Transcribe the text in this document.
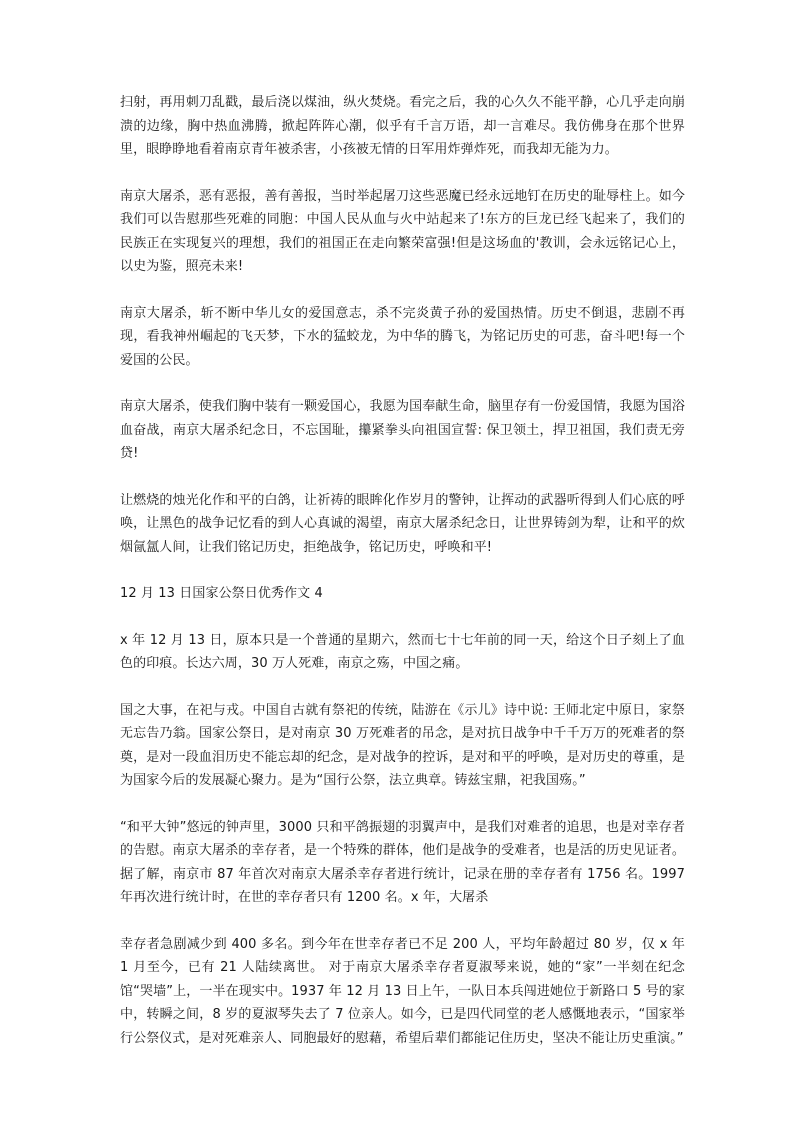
扫射，再用刺刀乱戳，最后浇以煤油，纵火焚烧。看完之后，我的心久久不能平静，心几乎走向崩溃的边缘，胸中热血沸腾，掀起阵阵心潮，似乎有千言万语，却一言难尽。我仿佛身在那个世界里，眼睁睁地看着南京青年被杀害，小孩被无情的日军用炸弹炸死，而我却无能为力。

南京大屠杀，恶有恶报，善有善报，当时举起屠刀这些恶魔已经永远地钉在历史的耻辱柱上。如今我们可以告慰那些死难的同胞：中国人民从血与火中站起来了!东方的巨龙已经飞起来了，我们的民族正在实现复兴的理想，我们的祖国正在走向繁荣富强!但是这场血的'教训，会永远铭记心上，以史为鉴，照亮未来!

南京大屠杀，斩不断中华儿女的爱国意志，杀不完炎黄子孙的爱国热情。历史不倒退，悲剧不再现，看我神州崛起的飞天梦，下水的猛蛟龙，为中华的腾飞，为铭记历史的可悲，奋斗吧!每一个爱国的公民。

南京大屠杀，使我们胸中装有一颗爱国心，我愿为国奉献生命，脑里存有一份爱国情，我愿为国浴血奋战，南京大屠杀纪念日，不忘国耻，攥紧拳头向祖国宣誓: 保卫领土，捍卫祖国，我们责无旁贷!

让燃烧的烛光化作和平的白鸽，让祈祷的眼眸化作岁月的警钟，让挥动的武器听得到人们心底的呼唤，让黑色的战争记忆看的到人心真诚的渴望，南京大屠杀纪念日，让世界铸剑为犁，让和平的炊烟氤氲人间，让我们铭记历史，拒绝战争，铭记历史，呼唤和平!

12 月 13 日国家公祭日优秀作文 4

x 年 12 月 13 日，原本只是一个普通的星期六，然而七十七年前的同一天，给这个日子刻上了血色的印痕。长达六周，30 万人死难，南京之殇，中国之痛。

国之大事，在祀与戎。中国自古就有祭祀的传统，陆游在《示儿》诗中说: 王师北定中原日，家祭无忘告乃翁。国家公祭日，是对南京 30 万死难者的吊念，是对抗日战争中千千万万的死难者的祭奠，是对一段血泪历史不能忘却的纪念，是对战争的控诉，是对和平的呼唤，是对历史的尊重，是为国家今后的发展凝心聚力。是为“国行公祭，法立典章。铸兹宝鼎，祀我国殇。”

“和平大钟”悠远的钟声里，3000 只和平鸽振翅的羽翼声中，是我们对难者的追思，也是对幸存者的告慰。南京大屠杀的幸存者，是一个特殊的群体，他们是战争的受难者，也是活的历史见证者。据了解，南京市 87 年首次对南京大屠杀幸存者进行统计，记录在册的幸存者有 1756 名。1997 年再次进行统计时，在世的幸存者只有 1200 名。x 年，大屠杀

幸存者急剧减少到 400 多名。到今年在世幸存者已不足 200 人，平均年龄超过 80 岁，仅 x 年 1 月至今，已有 21 人陆续离世。 对于南京大屠杀幸存者夏淑琴来说，她的“家”一半刻在纪念馆“哭墙”上，一半在现实中。1937 年 12 月 13 日上午，一队日本兵闯进她位于新路口 5 号的家中，转瞬之间，8 岁的夏淑琴失去了 7 位亲人。如今，已是四代同堂的老人感慨地表示，“国家举行公祭仪式，是对死难亲人、同胞最好的慰藉，希望后辈们都能记住历史，坚决不能让历史重演。”
